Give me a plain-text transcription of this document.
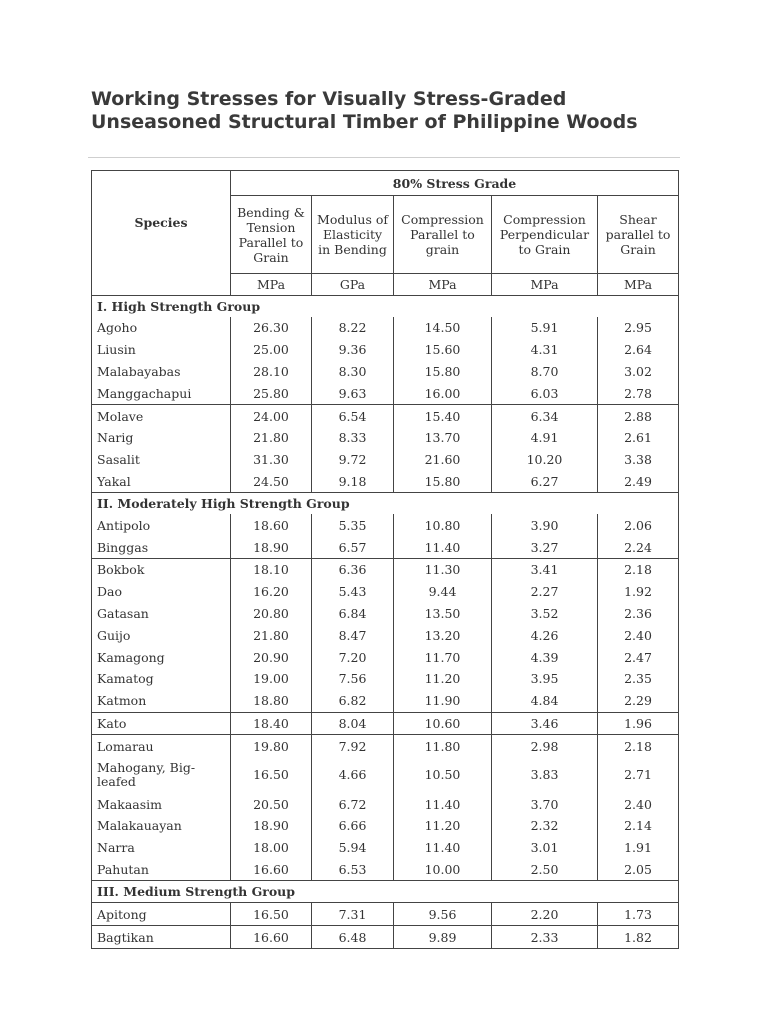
Working Stresses for Visually Stress-Graded Unseasoned Structural Timber of Philippine Woods
Species	80% Stress Grade				
	Bending & Tension Parallel to Grain	Modulus of Elasticity in Bending	Compression Parallel to grain	Compression Perpendicular to Grain	Shear parallel to Grain
	MPa	GPa	MPa	MPa	MPa
I. High Strength Group					
Agoho	26.30	8.22	14.50	5.91	2.95
Liusin	25.00	9.36	15.60	4.31	2.64
Malabayabas	28.10	8.30	15.80	8.70	3.02
Manggachapui	25.80	9.63	16.00	6.03	2.78
Molave	24.00	6.54	15.40	6.34	2.88
Narig	21.80	8.33	13.70	4.91	2.61
Sasalit	31.30	9.72	21.60	10.20	3.38
Yakal	24.50	9.18	15.80	6.27	2.49
II. Moderately High Strength Group					
Antipolo	18.60	5.35	10.80	3.90	2.06
Binggas	18.90	6.57	11.40	3.27	2.24
Bokbok	18.10	6.36	11.30	3.41	2.18
Dao	16.20	5.43	9.44	2.27	1.92
Gatasan	20.80	6.84	13.50	3.52	2.36
Guijo	21.80	8.47	13.20	4.26	2.40
Kamagong	20.90	7.20	11.70	4.39	2.47
Kamatog	19.00	7.56	11.20	3.95	2.35
Katmon	18.80	6.82	11.90	4.84	2.29
Kato	18.40	8.04	10.60	3.46	1.96
Lomarau	19.80	7.92	11.80	2.98	2.18
Mahogany, Big-leafed	16.50	4.66	10.50	3.83	2.71
Makaasim	20.50	6.72	11.40	3.70	2.40
Malakauayan	18.90	6.66	11.20	2.32	2.14
Narra	18.00	5.94	11.40	3.01	1.91
Pahutan	16.60	6.53	10.00	2.50	2.05
III. Medium Strength Group					
Apitong	16.50	7.31	9.56	2.20	1.73
Bagtikan	16.60	6.48	9.89	2.33	1.82
